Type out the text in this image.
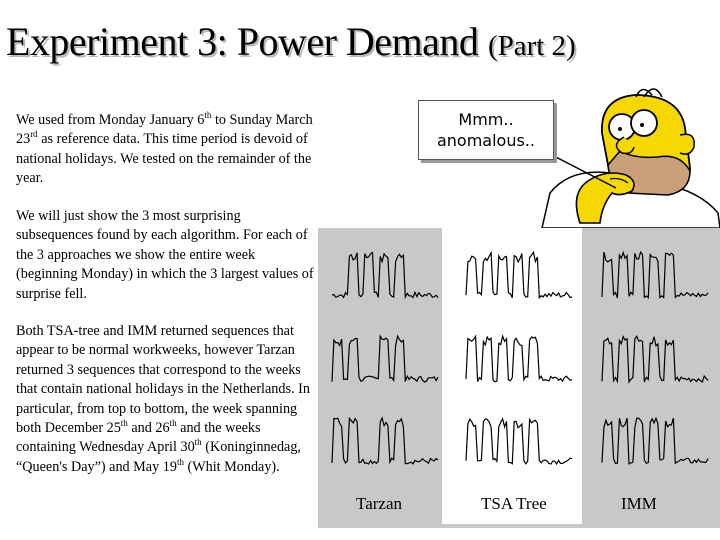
Experiment 3: Power Demand (Part 2)

We used from Monday January 6th to Sunday March 23rd as reference data. This time period is devoid of national holidays. We tested on the remainder of the year.

We will just show the 3 most surprising subsequences found by each algorithm. For each of the 3 approaches we show the entire week (beginning Monday) in which the 3 largest values of surprise fell.

Both TSA-tree and IMM returned sequences that appear to be normal workweeks, however Tarzan returned 3 sequences that correspond to the weeks that contain national holidays in the Netherlands. In particular, from top to bottom, the week spanning both December 25th and 26th and the weeks containing Wednesday April 30th (Koninginnedag, “Queen's Day”) and May 19th (Whit Monday).

Mmm..
anomalous..
Tarzan	TSA Tree	IMM
